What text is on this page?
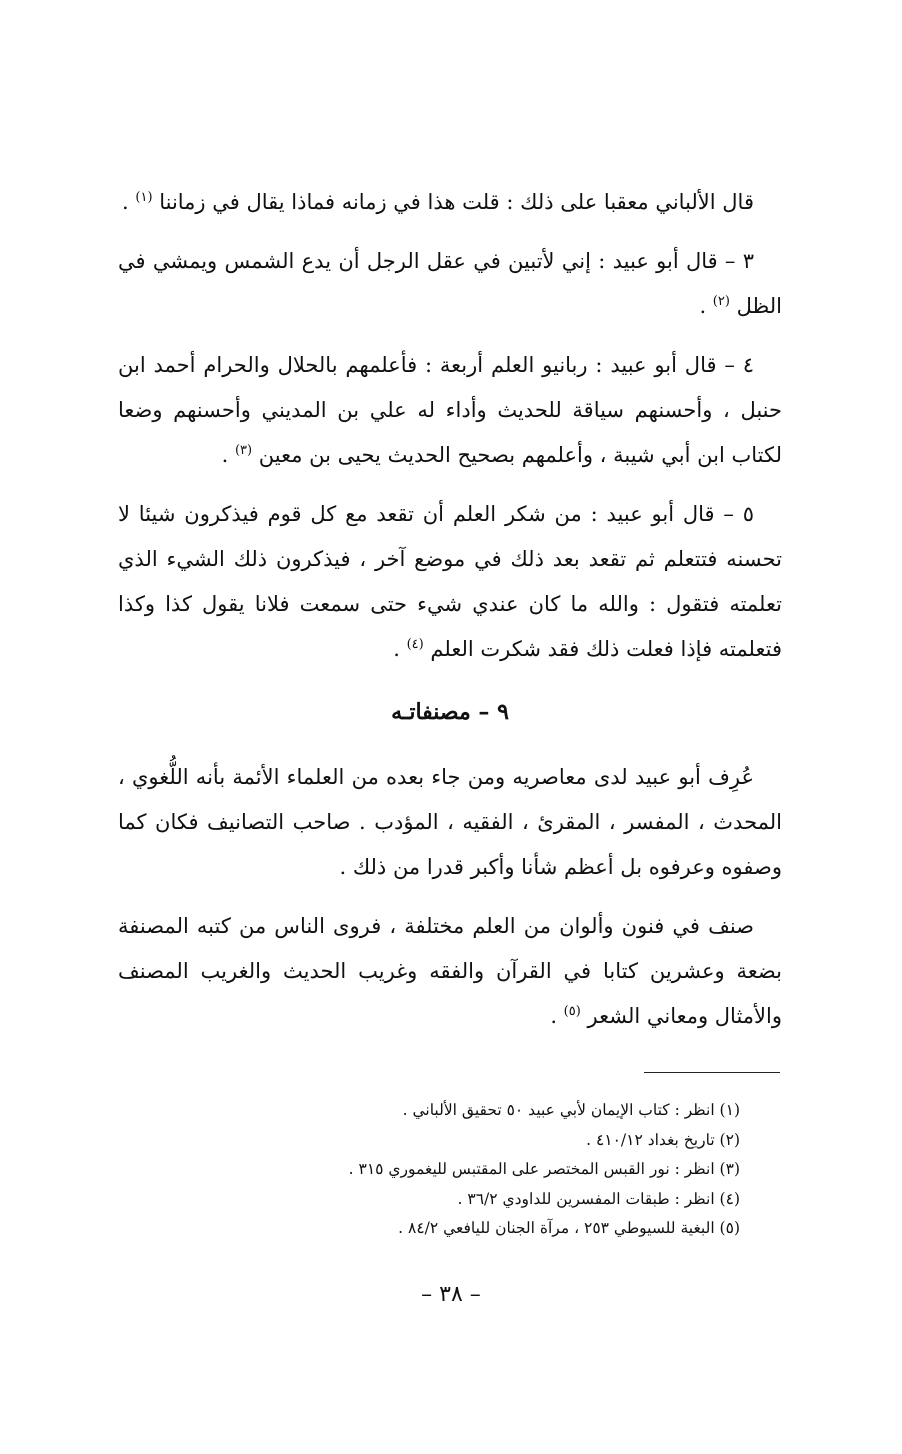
قال الألباني معقبا على ذلك : قلت هذا في زمانه فماذا يقال في زماننا $^{(١)}$ .

٣ – قال أبو عبيد : إني لأتبين في عقل الرجل أن يدع الشمس ويمشي في الظل $^{(٢)}$ .

٤ – قال أبو عبيد : ربانيو العلم أربعة : فأعلمهم بالحلال والحرام أحمد ابن حنبل ، وأحسنهم سياقة للحديث وأداء له علي بن المديني وأحسنهم وضعا لكتاب ابن أبي شيبة ، وأعلمهم بصحيح الحديث يحيى بن معين $^{(٣)}$ .

٥ – قال أبو عبيد : من شكر العلم أن تقعد مع كل قوم فيذكرون شيئا لا تحسنه فتتعلم ثم تقعد بعد ذلك في موضع آخر ، فيذكرون ذلك الشيء الذي تعلمته فتقول : والله ما كان عندي شيء حتى سمعت فلانا يقول كذا وكذا فتعلمته فإذا فعلت ذلك فقد شكرت العلم $^{(٤)}$ .

٩ – مصنفاتـه

عُرِف أبو عبيد لدى معاصريه ومن جاء بعده من العلماء الأئمة بأنه اللُّغوي ، المحدث ، المفسر ، المقرئ ، الفقيه ، المؤدب . صاحب التصانيف فكان كما وصفوه وعرفوه بل أعظم شأنا وأكبر قدرا من ذلك .

صنف في فنون وألوان من العلم مختلفة ، فروى الناس من كتبه المصنفة بضعة وعشرين كتابا في القرآن والفقه وغريب الحديث والغريب المصنف والأمثال ومعاني الشعر $^{(٥)}$ .

(١) انظر : كتاب الإيمان لأبي عبيد ٥٠ تحقيق الألباني .
(٢) تاريخ بغداد ٤١٠/١٢ .
(٣) انظر : نور القبس المختصر على المقتبس لليغموري ٣١٥ .
(٤) انظر : طبقات المفسرين للداودي ٣٦/٢ .
(٥) البغية للسيوطي ٢٥٣ ، مرآة الجنان لليافعي ٨٤/٢ .
– ٣٨ –
